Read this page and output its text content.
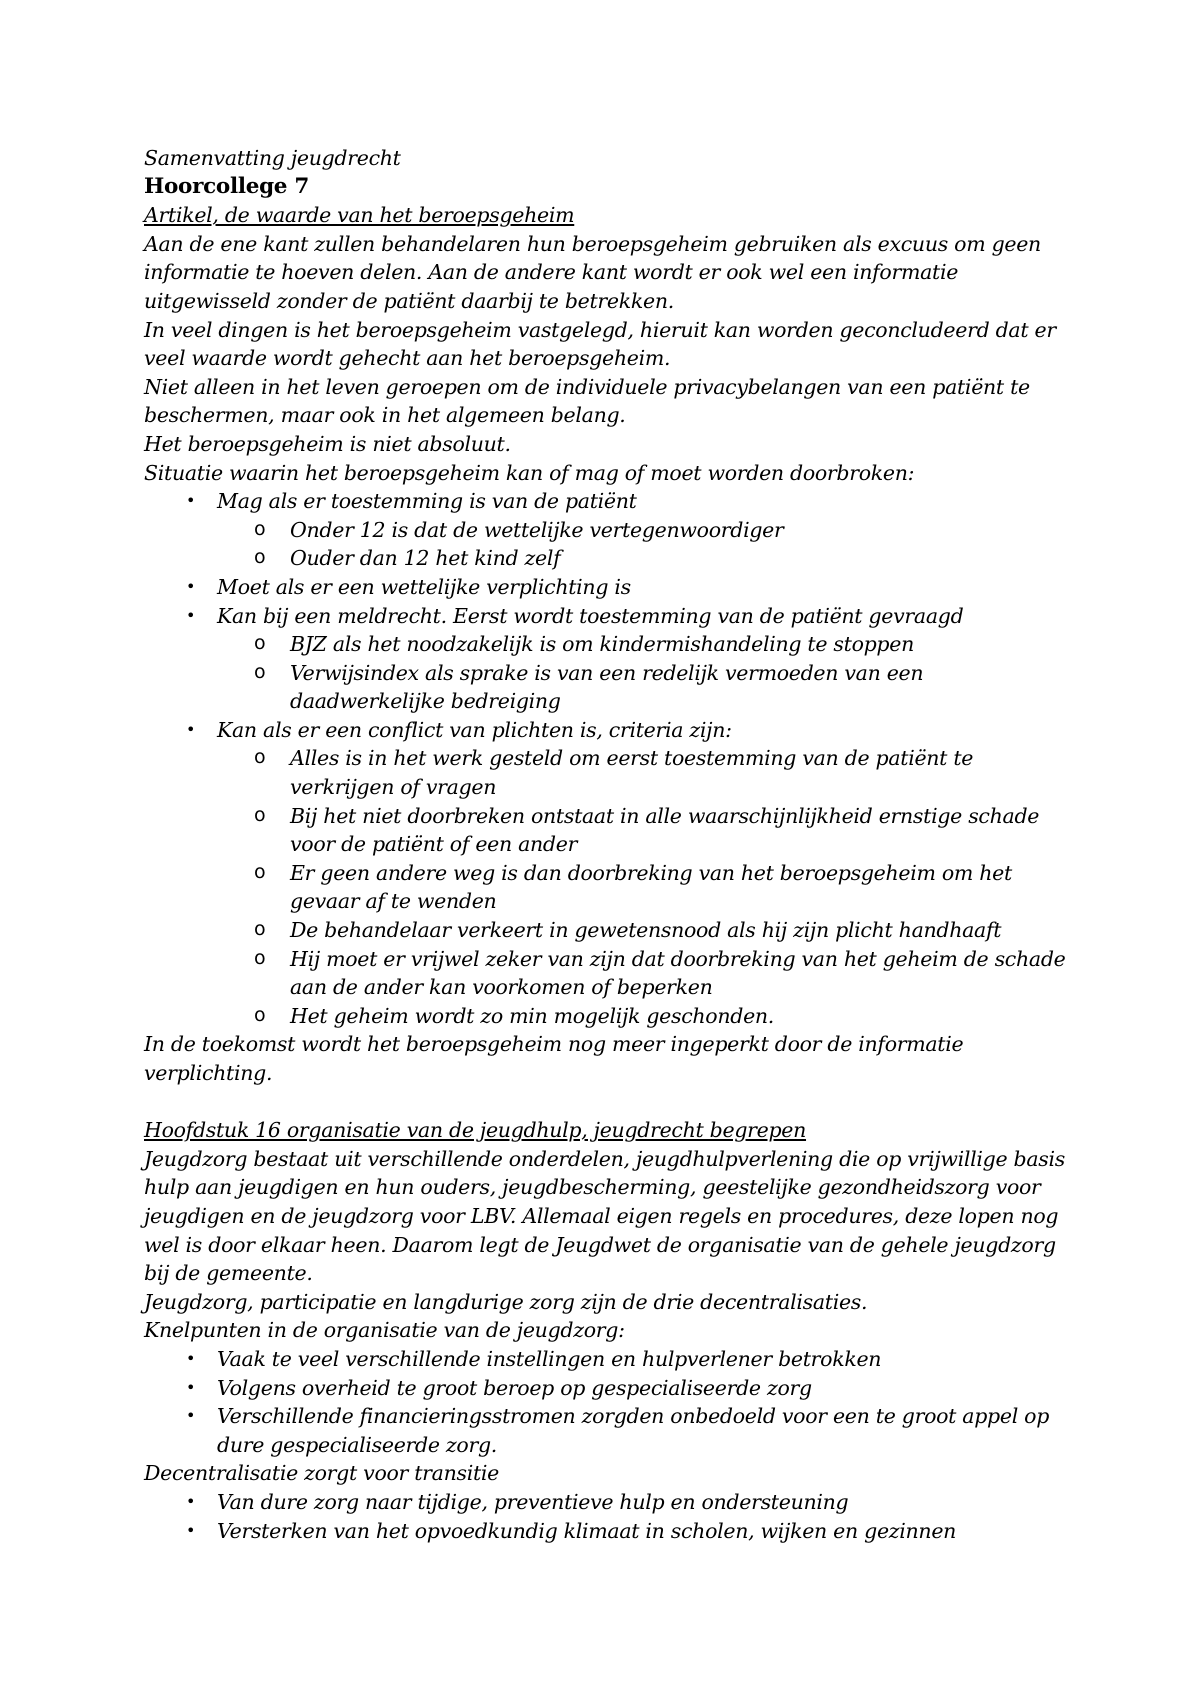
Samenvatting jeugdrecht
Hoorcollege 7
Artikel, de waarde van het beroepsgeheim
Aan de ene kant zullen behandelaren hun beroepsgeheim gebruiken als excuus om geen
informatie te hoeven delen. Aan de andere kant wordt er ook wel een informatie
uitgewisseld zonder de patiënt daarbij te betrekken.
In veel dingen is het beroepsgeheim vastgelegd, hieruit kan worden geconcludeerd dat er
veel waarde wordt gehecht aan het beroepsgeheim.
Niet alleen in het leven geroepen om de individuele privacybelangen van een patiënt te
beschermen, maar ook in het algemeen belang.
Het beroepsgeheim is niet absoluut.
Situatie waarin het beroepsgeheim kan of mag of moet worden doorbroken:
• Mag als er toestemming is van de patiënt
o Onder 12 is dat de wettelijke vertegenwoordiger
o Ouder dan 12 het kind zelf
• Moet als er een wettelijke verplichting is
• Kan bij een meldrecht. Eerst wordt toestemming van de patiënt gevraagd
o BJZ als het noodzakelijk is om kindermishandeling te stoppen
o Verwijsindex als sprake is van een redelijk vermoeden van een
daadwerkelijke bedreiging
• Kan als er een conflict van plichten is, criteria zijn:
o Alles is in het werk gesteld om eerst toestemming van de patiënt te
verkrijgen of vragen
o Bij het niet doorbreken ontstaat in alle waarschijnlijkheid ernstige schade
voor de patiënt of een ander
o Er geen andere weg is dan doorbreking van het beroepsgeheim om het
gevaar af te wenden
o De behandelaar verkeert in gewetensnood als hij zijn plicht handhaaft
o Hij moet er vrijwel zeker van zijn dat doorbreking van het geheim de schade
aan de ander kan voorkomen of beperken
o Het geheim wordt zo min mogelijk geschonden.
In de toekomst wordt het beroepsgeheim nog meer ingeperkt door de informatie
verplichting.
Hoofdstuk 16 organisatie van de jeugdhulp, jeugdrecht begrepen
Jeugdzorg bestaat uit verschillende onderdelen, jeugdhulpverlening die op vrijwillige basis
hulp aan jeugdigen en hun ouders, jeugdbescherming, geestelijke gezondheidszorg voor
jeugdigen en de jeugdzorg voor LBV. Allemaal eigen regels en procedures, deze lopen nog
wel is door elkaar heen. Daarom legt de Jeugdwet de organisatie van de gehele jeugdzorg
bij de gemeente.
Jeugdzorg, participatie en langdurige zorg zijn de drie decentralisaties.
Knelpunten in de organisatie van de jeugdzorg:
• Vaak te veel verschillende instellingen en hulpverlener betrokken
• Volgens overheid te groot beroep op gespecialiseerde zorg
• Verschillende financieringsstromen zorgden onbedoeld voor een te groot appel op
dure gespecialiseerde zorg.
Decentralisatie zorgt voor transitie
• Van dure zorg naar tijdige, preventieve hulp en ondersteuning
• Versterken van het opvoedkundig klimaat in scholen, wijken en gezinnen
